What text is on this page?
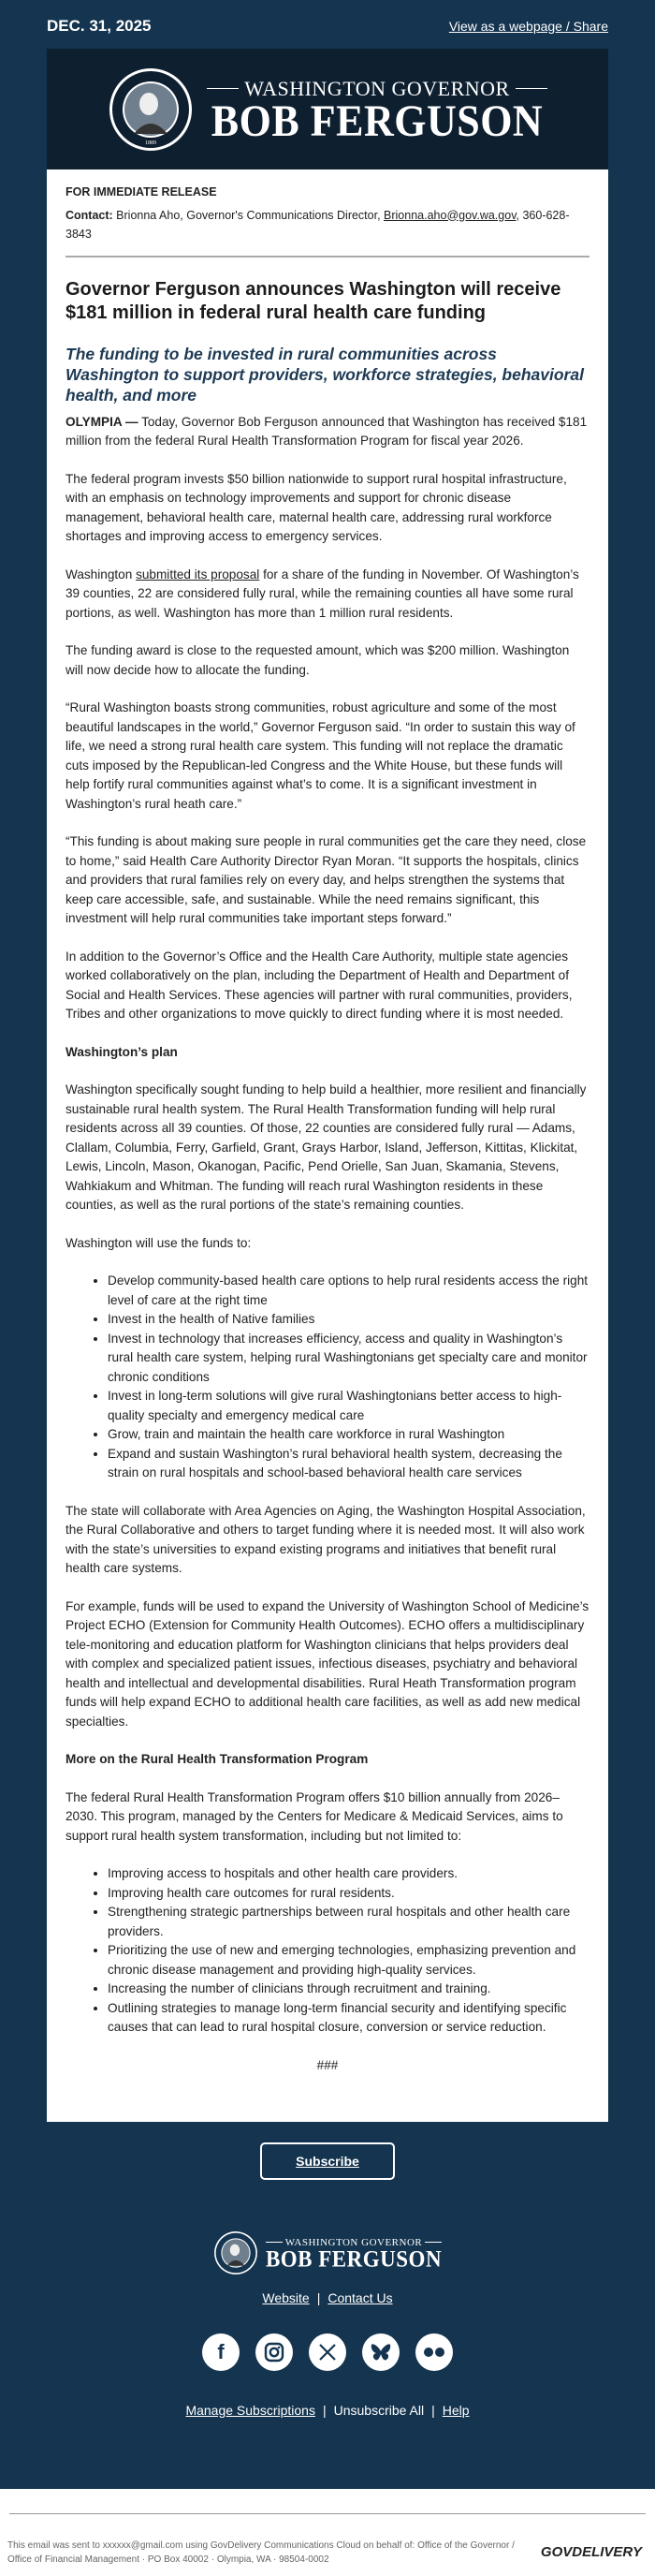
DEC. 31, 2025	View as a webpage / Share
1889
WASHINGTON GOVERNOR
BOB FERGUSON

FOR IMMEDIATE RELEASE

Contact: Brionna Aho, Governor's Communications Director, Brionna.aho@gov.wa.gov, 360-628-3843

Governor Ferguson announces Washington will receive $181 million in federal rural health care funding
The funding to be invested in rural communities across Washington to support providers, workforce strategies, behavioral health, and more

OLYMPIA — Today, Governor Bob Ferguson announced that Washington has received $181 million from the federal Rural Health Transformation Program for fiscal year 2026.

The federal program invests $50 billion nationwide to support rural hospital infrastructure, with an emphasis on technology improvements and support for chronic disease management, behavioral health care, maternal health care, addressing rural workforce shortages and improving access to emergency services.

Washington submitted its proposal for a share of the funding in November. Of Washington’s 39 counties, 22 are considered fully rural, while the remaining counties all have some rural portions, as well. Washington has more than 1 million rural residents.

The funding award is close to the requested amount, which was $200 million. Washington will now decide how to allocate the funding.

“Rural Washington boasts strong communities, robust agriculture and some of the most beautiful landscapes in the world,” Governor Ferguson said. “In order to sustain this way of life, we need a strong rural health care system. This funding will not replace the dramatic cuts imposed by the Republican-led Congress and the White House, but these funds will help fortify rural communities against what’s to come. It is a significant investment in Washington’s rural heath care.”

“This funding is about making sure people in rural communities get the care they need, close to home,” said Health Care Authority Director Ryan Moran. “It supports the hospitals, clinics and providers that rural families rely on every day, and helps strengthen the systems that keep care accessible, safe, and sustainable. While the need remains significant, this investment will help rural communities take important steps forward.”

In addition to the Governor’s Office and the Health Care Authority, multiple state agencies worked collaboratively on the plan, including the Department of Health and Department of Social and Health Services. These agencies will partner with rural communities, providers, Tribes and other organizations to move quickly to direct funding where it is most needed.

Washington’s plan

Washington specifically sought funding to help build a healthier, more resilient and financially sustainable rural health system. The Rural Health Transformation funding will help rural residents across all 39 counties. Of those, 22 counties are considered fully rural — Adams, Clallam, Columbia, Ferry, Garfield, Grant, Grays Harbor, Island, Jefferson, Kittitas, Klickitat, Lewis, Lincoln, Mason, Okanogan, Pacific, Pend Orielle, San Juan, Skamania, Stevens, Wahkiakum and Whitman. The funding will reach rural Washington residents in these counties, as well as the rural portions of the state’s remaining counties.

Washington will use the funds to:

• Develop community-based health care options to help rural residents access the right level of care at the right time
• Invest in the health of Native families
• Invest in technology that increases efficiency, access and quality in Washington’s rural health care system, helping rural Washingtonians get specialty care and monitor chronic conditions
• Invest in long-term solutions will give rural Washingtonians better access to high-quality specialty and emergency medical care
• Grow, train and maintain the health care workforce in rural Washington
• Expand and sustain Washington’s rural behavioral health system, decreasing the strain on rural hospitals and school-based behavioral health care services

The state will collaborate with Area Agencies on Aging, the Washington Hospital Association, the Rural Collaborative and others to target funding where it is needed most. It will also work with the state’s universities to expand existing programs and initiatives that benefit rural health care systems.

For example, funds will be used to expand the University of Washington School of Medicine’s Project ECHO (Extension for Community Health Outcomes). ECHO offers a multidisciplinary tele-monitoring and education platform for Washington clinicians that helps providers deal with complex and specialized patient issues, infectious diseases, psychiatry and behavioral health and intellectual and developmental disabilities. Rural Heath Transformation program funds will help expand ECHO to additional health care facilities, as well as add new medical specialties.

More on the Rural Health Transformation Program

The federal Rural Health Transformation Program offers $10 billion annually from 2026–2030. This program, managed by the Centers for Medicare & Medicaid Services, aims to support rural health system transformation, including but not limited to:

• Improving access to hospitals and other health care providers.
• Improving health care outcomes for rural residents.
• Strengthening strategic partnerships between rural hospitals and other health care providers.
• Prioritizing the use of new and emerging technologies, emphasizing prevention and chronic disease management and providing high-quality services.
• Increasing the number of clinicians through recruitment and training.
• Outlining strategies to manage long-term financial security and identifying specific causes that can lead to rural hospital closure, conversion or service reduction.

###

Subscribe
WASHINGTON GOVERNOR
BOB FERGUSON
Website | Contact Us
f
Manage Subscriptions | Unsubscribe All | Help
This email was sent to xxxxxx@gmail.com using GovDelivery Communications Cloud on behalf of: Office of the Governor / Office of Financial Management · PO Box 40002 · Olympia, WA · 98504-0002	GOVDELIVERY
